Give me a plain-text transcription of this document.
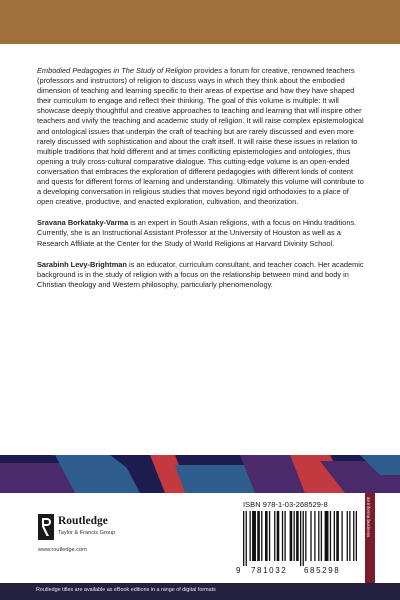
Embodied Pedagogies in The Study of Religion provides a forum for creative, renowned teachers (professors and instructors) of religion to discuss ways in which they think about the embodied dimension of teaching and learning specific to their areas of expertise and how they have shaped their curriculum to engage and reflect their thinking. The goal of this volume is multiple: It will showcase deeply thoughtful and creative approaches to teaching and learning that will inspire other teachers and vivify the teaching and academic study of religion. It will raise complex epistemological and ontological issues that underpin the craft of teaching but are rarely discussed and even more rarely discussed with sophistication and about the craft itself. It will raise these issues in relation to multiple traditions that hold different and at times conflicting epistemologies and ontologies, thus opening a truly cross-cultural comparative dialogue. This cutting-edge volume is an open-ended conversation that embraces the exploration of different pedagogies with different kinds of content and quests for different forms of learning and understanding. Ultimately this volume will contribute to a developing conversation in religious studies that moves beyond rigid orthodoxies to a place of open creative, productive, and enacted exploration, cultivation, and theorization.

Sravana Borkataky-Varma is an expert in South Asian religions, with a focus on Hindu traditions. Currently, she is an Instructional Assistant Professor at the University of Houston as well as a Research Affiliate at the Center for the Study of World Religions at Harvard Divinity School.

Sarabinh Levy-Brightman is an educator, curriculum consultant, and teacher coach. Her academic background is in the study of religion with a focus on the relationship between mind and body in Christian theology and Western philosophy, particularly phenomenology.

Routledge
Taylor & Francis Group
www.routledge.com
ISBN 978-1-03-268529-8
9 781032 685298
an informa business
Routledge titles are available as eBook editions in a range of digital formats
